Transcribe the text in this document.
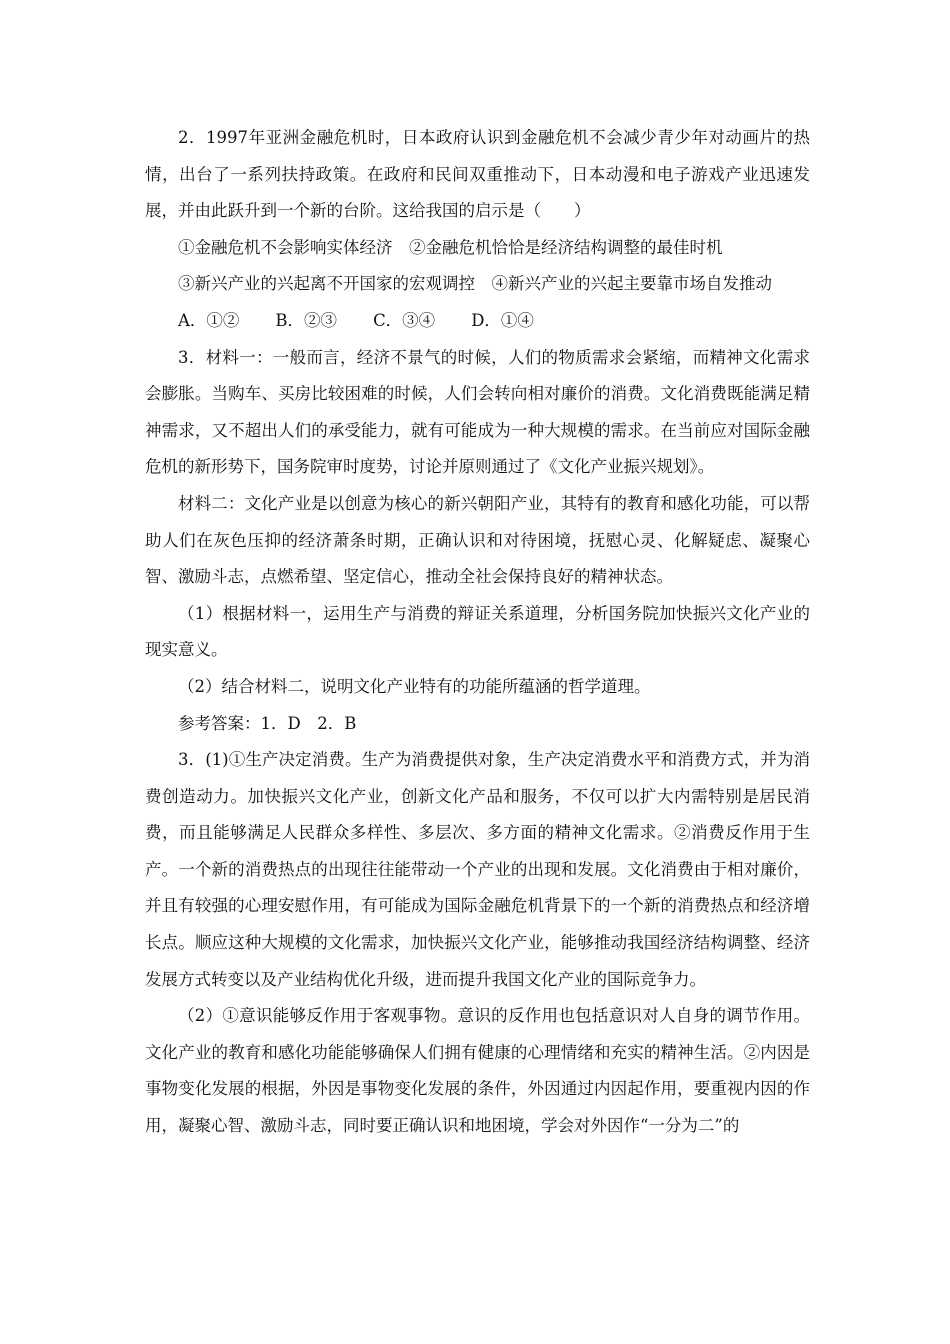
2．1997年亚洲金融危机时，日本政府认识到金融危机不会减少青少年对动画片的热情，出台了一系列扶持政策。在政府和民间双重推动下，日本动漫和电子游戏产业迅速发展，并由此跃升到一个新的台阶。这给我国的启示是（　　）

①金融危机不会影响实体经济　②金融危机恰恰是经济结构调整的最佳时机

③新兴产业的兴起离不开国家的宏观调控　④新兴产业的兴起主要靠市场自发推动

A．①② B．②③ C．③④ D．①④

3．材料一：一般而言，经济不景气的时候，人们的物质需求会紧缩，而精神文化需求会膨胀。当购车、买房比较困难的时候，人们会转向相对廉价的消费。文化消费既能满足精神需求，又不超出人们的承受能力，就有可能成为一种大规模的需求。在当前应对国际金融危机的新形势下，国务院审时度势，讨论并原则通过了《文化产业振兴规划》。

材料二：文化产业是以创意为核心的新兴朝阳产业，其特有的教育和感化功能，可以帮助人们在灰色压抑的经济萧条时期，正确认识和对待困境，抚慰心灵、化解疑虑、凝聚心智、激励斗志，点燃希望、坚定信心，推动全社会保持良好的精神状态。

（1）根据材料一，运用生产与消费的辩证关系道理，分析国务院加快振兴文化产业的现实意义。

（2）结合材料二，说明文化产业特有的功能所蕴涵的哲学道理。

参考答案：1．D　2．B

3．(1)①生产决定消费。生产为消费提供对象，生产决定消费水平和消费方式，并为消费创造动力。加快振兴文化产业，创新文化产品和服务，不仅可以扩大内需特别是居民消费，而且能够满足人民群众多样性、多层次、多方面的精神文化需求。②消费反作用于生产。一个新的消费热点的出现往往能带动一个产业的出现和发展。文化消费由于相对廉价，并且有较强的心理安慰作用，有可能成为国际金融危机背景下的一个新的消费热点和经济增长点。顺应这种大规模的文化需求，加快振兴文化产业，能够推动我国经济结构调整、经济发展方式转变以及产业结构优化升级，进而提升我国文化产业的国际竞争力。

（2）①意识能够反作用于客观事物。意识的反作用也包括意识对人自身的调节作用。文化产业的教育和感化功能能够确保人们拥有健康的心理情绪和充实的精神生活。②内因是事物变化发展的根据，外因是事物变化发展的条件，外因通过内因起作用，要重视内因的作用，凝聚心智、激励斗志，同时要正确认识和地困境，学会对外因作“一分为二”的
